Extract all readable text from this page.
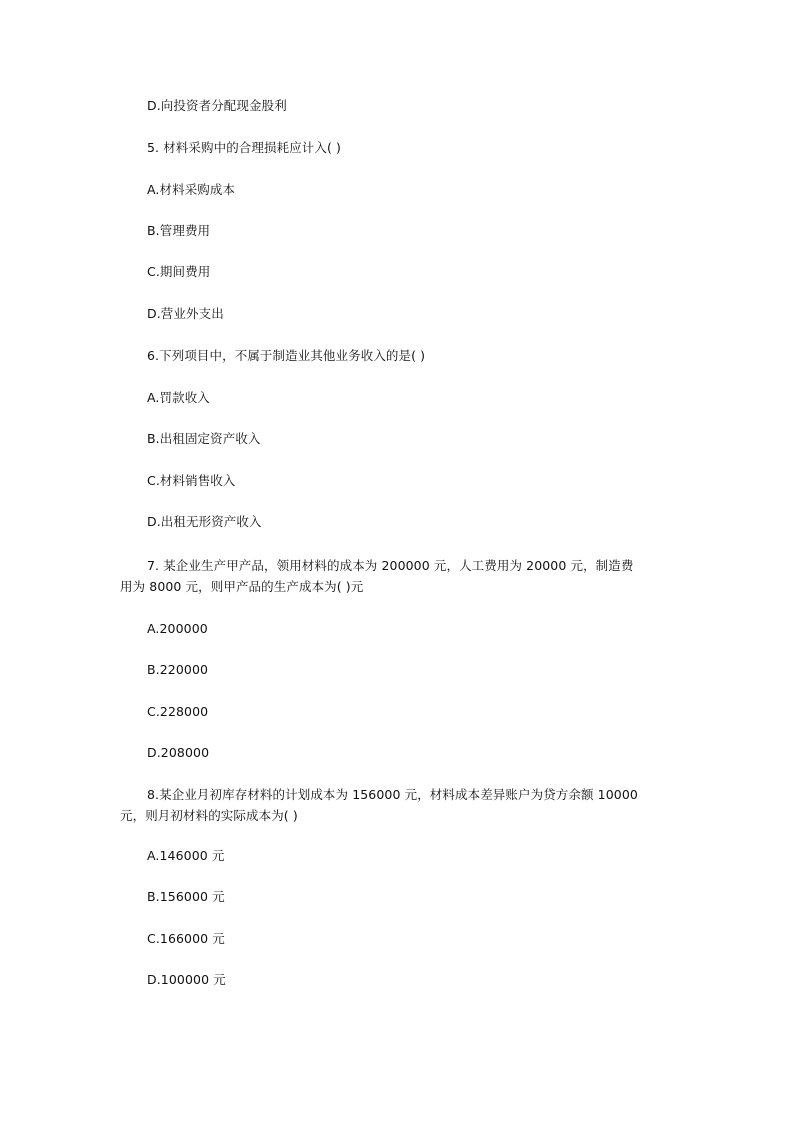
D.向投资者分配现金股利
5. 材料采购中的合理损耗应计入( )
A.材料采购成本
B.管理费用
C.期间费用
D.营业外支出
6.下列项目中，不属于制造业其他业务收入的是( )
A.罚款收入
B.出租固定资产收入
C.材料销售收入
D.出租无形资产收入
7. 某企业生产甲产品，领用材料的成本为 200000 元，人工费用为 20000 元，制造费
用为 8000 元，则甲产品的生产成本为( )元
A.200000
B.220000
C.228000
D.208000
8.某企业月初库存材料的计划成本为 156000 元，材料成本差异账户为贷方余额 10000
元，则月初材料的实际成本为( )
A.146000 元
B.156000 元
C.166000 元
D.100000 元
